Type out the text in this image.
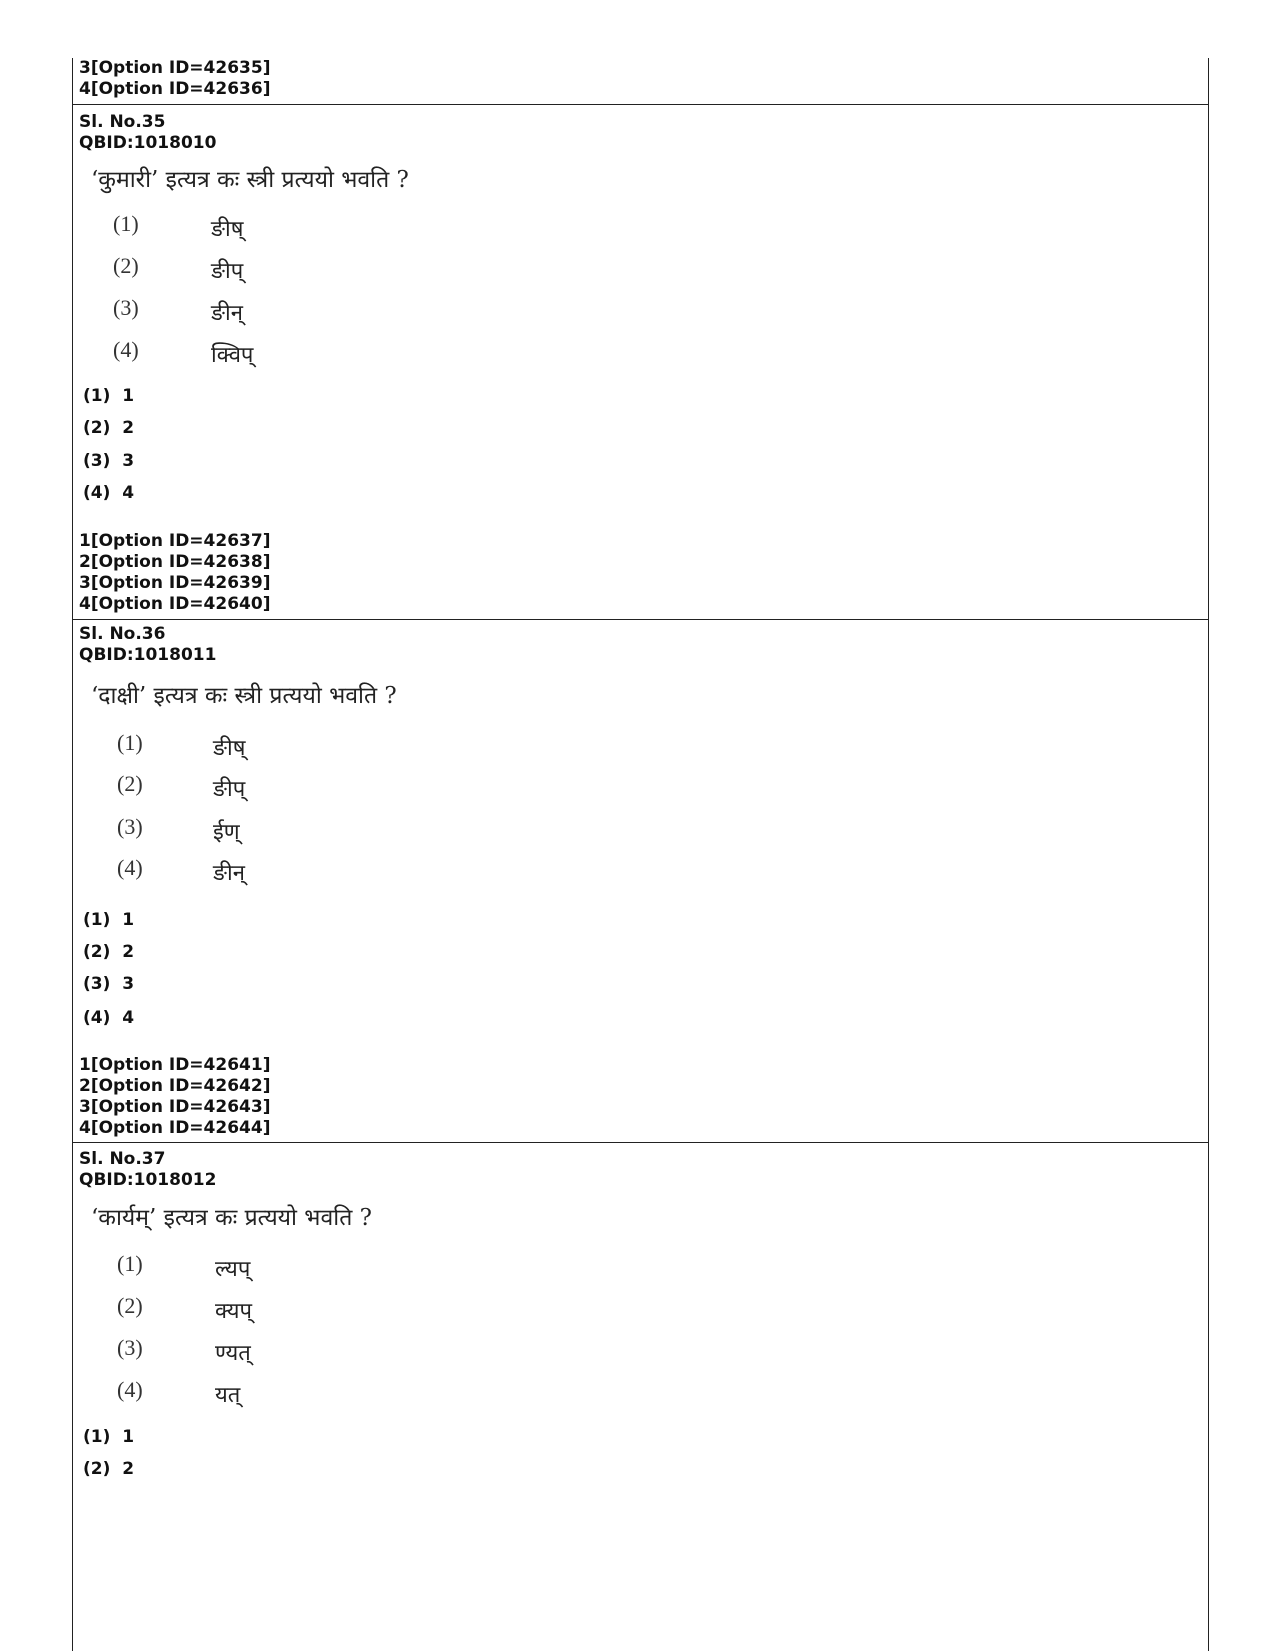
3[Option ID=42635]
4[Option ID=42636]
Sl. No.35
QBID:1018010
‘कुमारी’ इत्यत्र कः स्त्री प्रत्ययो भवति ?
(1)	ङीष्
(2)	ङीप्
(3)	ङीन्
(4)	क्विप्
(1)  1
(2)  2
(3)  3
(4)  4
1[Option ID=42637]
2[Option ID=42638]
3[Option ID=42639]
4[Option ID=42640]
Sl. No.36
QBID:1018011
‘दाक्षी’ इत्यत्र कः स्त्री प्रत्ययो भवति ?
(1)	ङीष्
(2)	ङीप्
(3)	ईण्
(4)	ङीन्
(1)  1
(2)  2
(3)  3
(4)  4
1[Option ID=42641]
2[Option ID=42642]
3[Option ID=42643]
4[Option ID=42644]
Sl. No.37
QBID:1018012
‘कार्यम्’ इत्यत्र कः प्रत्ययो भवति ?
(1)	ल्यप्
(2)	क्यप्
(3)	ण्यत्
(4)	यत्
(1)  1
(2)  2
